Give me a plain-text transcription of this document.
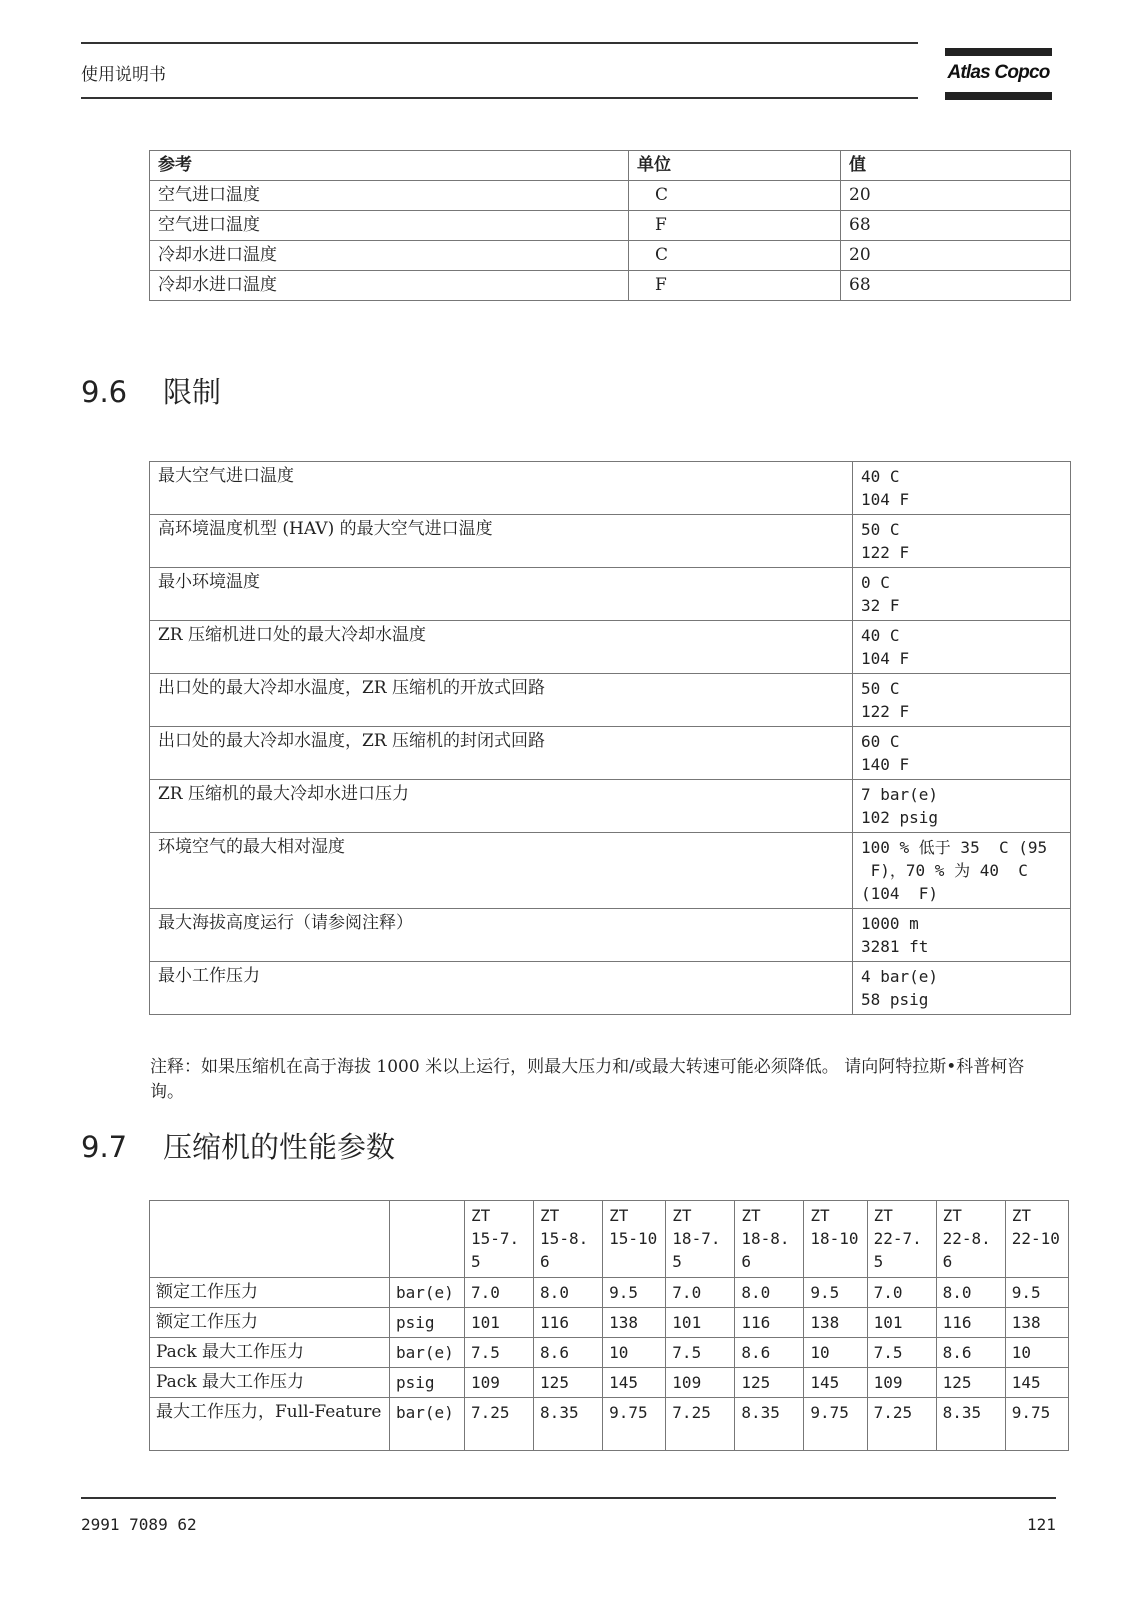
使用说明书	Atlas Copco
参考	单位	值
空气进口温度	C	20
空气进口温度	F	68
冷却水进口温度	C	20
冷却水进口温度	F	68
9.6 限制
最大空气进口温度	40 C
104 F

高环境温度机型 (HAV) 的最大空气进口温度	50 C
122 F

最小环境温度	0 C
32 F

ZR 压缩机进口处的最大冷却水温度	40 C
104 F

出口处的最大冷却水温度，ZR 压缩机的开放式回路	50 C
122 F

出口处的最大冷却水温度，ZR 压缩机的封闭式回路	60 C
140 F

ZR 压缩机的最大冷却水进口压力	7 bar(e)
102 psig

环境空气的最大相对湿度	100 % 低于 35  C (95
F)，70 % 为 40  C
(104  F)

最大海拔高度运行（请参阅注释）	1000 m
3281 ft

最小工作压力	4 bar(e)
58 psig
注释：如果压缩机在高于海拔 1000 米以上运行，则最大压力和/或最大转速可能必须降低。 请向阿特拉斯•科普柯咨询。
9.7 压缩机的性能参数
		ZT 15-7. 5	ZT 15-8. 6	ZT 15-10	ZT 18-7. 5	ZT 18-8. 6	ZT 18-10	ZT 22-7. 5	ZT 22-8. 6	ZT 22-10
额定工作压力	bar(e)	7.0	8.0	9.5	7.0	8.0	9.5	7.0	8.0	9.5
额定工作压力	psig	101	116	138	101	116	138	101	116	138
Pack 最大工作压力	bar(e)	7.5	8.6	10	7.5	8.6	10	7.5	8.6	10
Pack 最大工作压力	psig	109	125	145	109	125	145	109	125	145
最大工作压力，Full-Feature	bar(e)	7.25	8.35	9.75	7.25	8.35	9.75	7.25	8.35	9.75
2991 7089 62	121
